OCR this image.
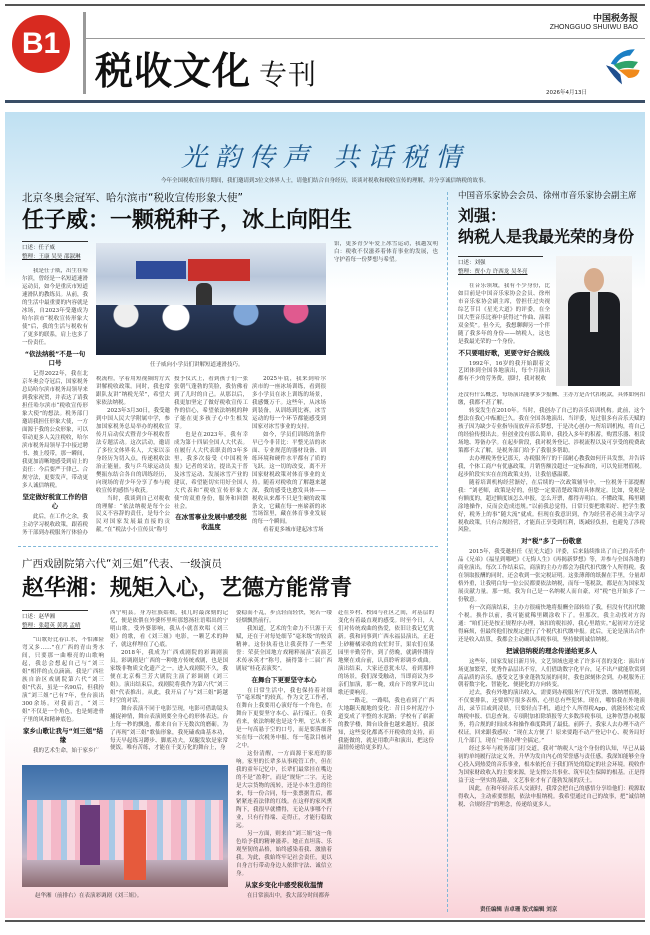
B1
税收文化 专刊
中国税务报
ZHONGGUO SHUIWU BAO
2026年4月13日
光韵传声 共话税情
今年全国税收宣传月期间，我们邀请到3位文体界人士，请他们结合自身经历，谈谈对税收和税收宣传的理解，并分享诚信纳税的故事。
北京冬奥会冠军、哈尔滨市“税收宣传形象大使”
任子威：一颗税种子，冰上向阳生
口述：任子威
整理：王康 吴昊 邵淑琳
任子威向小学员们讲解短道速滑技巧。

我是任子威，出生在哈尔滨，曾经是一名短道速滑运动员，如今是重庆市短道速滑队的教练员。从前，我的生活中最重要的内容就是冰场，自2023年受邀成为哈尔滨市“税收宣传形象大使”后，我的生活与税收有了更多的联系，肩上也多了一份责任。

“依法纳税”不是一句口号

记得2022年，我在北京冬奥会夺冠后，国家税务总局哈尔滨市税务局领导来到我家祝贺，并表达了请我担任哈尔滨市“税收宣传形象大使”的想法。税务部门邀请我担任形象大使，一方面源于我的公众形象，可以带动更多人关注税收，哈尔滨市税务局领导手中接过聘书、披上绶带，那一瞬间，我更加清晰地感受到肩上的责任：今后要严于律己、合规守法，更要发声，带动更多人诚信纳税。

坚定做好税宣工作的信心

此后，在工作之余，我主动学习税收政策，跟着税务干部到办税服务厅体验办

税流程，学着用短视频的方式讲解税收政策。同时，我也常跟队友讲“纳税光荣”，希望大家依法纳税。

2023年3月30日，我受邀到中国人民大学附属中学，参加国家税务总局举办的税收宣传月启动仪式暨青少年税收普法专题活动。这次活动，邀请了多位文体界名人，大家以亲身经历为切入点，传递税收法治正能量。我与乒乓球运动员樊振东结合各自的训练经历，向现场的青少年分享了参与税收宣传的感悟与收获。

当时，我谈到自己对税收的理解：“依法纳税是每个公民义不容辞的责任，是每个公民对国家发展最直接的贡献。”在“税法小小宣传员”称号

授予仪式上，看到孩子们一张张朝气蓬勃的笑脸，我仿佛看到了儿时的自己。从那以后，我更加坚定了做好税收宣传工作的信心，希望依法纳税的种子能在更多孩子心中生根发芽。

也是在2023年，我有幸成为第十四届全国人大代表。在履行人大代表职责的3年多里，我多次接受《中国税务报》记者的采访，提出关于普及冰雪运动、发展冰雪产业的建议，希望能切实用好全国人大代表和“税收宣传形象大使”的双重身份，服务和回馈社会。

在冰雪事业发展中感受税收温度

2025年底，我来到哈尔滨市的一座冰场训练，看到很多小学员在冰上训练的场景，我感慨万千。这些年，从冰场到装备，从训练到比赛，冰雪运动的每一个环节都能感受到国家对冰雪事业的支持。

如今，学员们训练的条件早已今非昔比：平整光洁的冰面、专业规范的器材设备、训练环境和硬件水平都有了质的飞跃。这一切的改变，离不开国家财税政策对体育事业的支持。随着对税收的了解越来越深，我的感受也愈发具体——税收从来都不只是生硬的政策条文，它藏在每一座崭新的冰雪场馆里，藏在体育事业发展的每一个瞬间。

看着更多城市建起冰雪场

馆，更多青少年爱上冰雪运动，我越发明白：税收不仅滋养着体育事业的发展，也守护着每一份梦想与希望。

中国音乐家协会会员、徐州市音乐家协会副主席
刘强：
纳税人是我最光荣的身份
口述：刘强
整理：贾小力 许西龙 吴冬亮

在音乐领域，我有不少身份，比如目前是中国音乐家协会会员、徐州市音乐家协会副主席，曾担任过央视综艺节目《星光大道》的评委，在全国大型音乐比赛中获得过“作曲、演唱双金奖”。但今天，我想聊聊另一个伴随了我多年的身份——纳税人，这也是我最光荣的一个身份。

不只要唱好歌，更要守好合规线

1992年，16岁的我开始跟着文艺团体到全国各地演出，每个月演出都有不少的劳务费。那时，我对税收

还没有什么概念，每场演出能拿多少报酬、主办方是否代扣税款，具体如何扣缴，我都不甚了解。

转变发生在2010年。当时，我创办了自己的音乐培训机构。此前，这个想法在我心中酝酿已久。我在全国各地演出、当评委，见过很多有音乐天赋的孩子因为缺少专业指导而放弃音乐梦想，于是决心创办一所培训机构，将自己的经验传授出去。但创业没有那么简单，我投入多年的积蓄，购置乐器、租赁场地、筹备办学。在起步阶段，我对税务登记、涉税流程以及可享受的税费政策都不太了解，是税务部门给予了我很多帮助。

去办理税务登记那天，办税服务厅的干部耐心教我如何开具发票，并告诉我，个体工商户有优惠政策，月销售额没超过一定标准的，可以免征增值税。起步阶段实实在在的政策支持，让我倍感温暖。

随着培训机构经营渐好，在后续的一次政策辅导中，一位税务干部提醒我：“刘老师，政策是好的，但您一定要清楚政策的具体规定。比如，免税是有额度的，超过额度该怎么申报，怎么开票，都得弄明白。不懂政策，稀里糊涂地操作，反而会造成违规。”以前我总觉得，日常只要把歌唱好、把学生教好，税务上的事“随大流”就成。但现在我意识到，作为经营者必须主动学习税收政策，只有合规经营，才能真正享受到红利，既减轻负担，也避免了涉税风险。

对“税”多了一份敬意

2015年，我受邀担任《星光大道》评委，后来陆续推出了自己的音乐作品《兄弟》《福星到哪吧》《无悔人生》《再揭新梦想》等，并参与全国各地的商业演出。每次工作结束后，商演的主办方都会为我代扣代缴个人所得税。我在领取报酬的同时，还会收到一张完税证明。这张薄薄的纸握在手里，分量却格外重，让我明白每一位公民都要依法纳税，而每一笔税款，都是在为国家发展贡献力量。那一刻，我为自己是一名纳税人而自豪，对“税”也开始多了一份敬意。

有一次商演结束，主办方很痛快地将报酬全部转给了我，但没有代扣代缴个税。换作以前，我可能就稀里糊涂收下了。但那次，我主动找对方沟通：“咱们还是按正规程序办理，该扣的税扣掉，我心里踏实。”起初对方还觉得麻烦，但最终他们按规定进行了个税代扣代缴申报。此后，无论是演出合作还是收入结算，我都会主动确认涉税事项，坚持做到诚信纳税。

把诚信纳税的理念传递给更多人

这些年，国家发展日新月异，文艺领域也迎来了许多可喜的变化：演出市场更加繁荣，优秀作品层出不穷，人们借助数字化平台，足不出户就能欣赏到高品质的音乐。感受文艺事业蓬勃发展的同时，我也深刻体会到，办税服务正朝着数字化、智能化、便捷化的方向转变。

过去，我有外地的演出收入，需要到办税服务厅代开发票、缴纳增值税，不仅要排队，还要填写很多表格，心里总有些犯怵。现在，哪怕我在外地演出，录节目或到凌晨，只要轻点手机，通过个人所得税App，就能轻松完成纳税申报、信息查询。专项附加扣除填报等大多数涉税事项，这种智慧办税服务，将合规的时间成本和操作难度降到了最低。前阵子，我家人去办理不动产权证，回来跟我感叹：“现在太方便了！原来要跑不动产登记中心、税务局好几个部门，现在‘一窗办理’全搞定。”

经过多年与税务部门打交道，我对“纳税人”这个身份的认知，早已从最初的单纯履行法定义务，升华为发自内心的荣誉感与责任感。我深知能够全身心投入到热爱的音乐事业，根本依托在于我们所处的稳定的社会环境。税收作为国家财政收入的主要来源，是支撑公共事业、筑牢民生保障的根基。正是得益于这一坚实的基础，文艺事业才有了蓬勃发展的沃土。

因此，在和年轻音乐人交流时，我常会把自己的感悟分享给他们：税源取得收入，主动索要票据，依法申报纳税。我希望通过自己的故事，把“诚信纳税、合规经营”的理念，传递给更多人。

责任编辑 吉卓珊 版式编辑 刘京
广西戏剧院第六代“刘三姐”代表、一级演员
赵华湘：规矩入心，艺德方能常青
口述：赵华湘
整理：张超英 黄鸿 孟晴

“山歌好比春江水，不怕滩险弯又多……”在广西的青山秀水间，只要那一曲嘹亮的山歌响起，我总会想起自己与“刘三姐”相伴的点点滴滴。我是广西壮族自治区戏剧院第六代“刘三姐”代表，虽是一名90后，但我扮演“刘三姐”已有7年，登台演出300余场。对我而言，“刘三姐”不仅是一个角色，也是刻进骨子里的风和精神底色。

家乡山歌让我与“刘三姐”结缘

我的艺术生命，始于家乡广

西宁明县。身为壮族姑娘，我儿时最深刻的记忆，便是依偎在外婆怀里听那悠扬壮语唱出的宁明山歌。受外婆影响，我从小就喜欢唱《刘三姐》的歌，看《刘三姐》电影，一颗艺术的种子，就这样埋在了心底。

2018年，我成为广西戏剧院的彩调剧演员。彩调剧是广西的一种地方传统戏剧，也是国家级非物质文化遗产之一。进入戏剧院不久，我便在北京梅兰芳大剧院主演了彩调剧《刘三姐》。演出结束后，戏剧院将我作为第六代“刘三姐”代表推出。从此，我开启了与“刘三姐”跨越时空的对话。

舞台表演不同于电影呈现，电影可借助镜头捕捉神情，舞台表演则要全身心的形体表达。台上每一秒的飘逸，都来自台下无数次的磨砺。为了再现“刘三姐”歌仙形象，我死磕戏曲基本功，每天早起练习蹲步、脚底功夫，双腿发软是家常便饭。唯有苦练，才能在千变万化的舞台上，身

姿稳而不乱，步点轻而轻快，宛若一缕轻烟飘然前行。

我知道，艺术的生命力不只源于天赋，还在于对每处细节“毫米级”的较真精神。这份执着也让我获得了一些荣誉：荣获全国地方戏精粹展演“表演艺术传承英才”称号，摘得第十二届广西剧展“桂花表演奖”。

在舞台下更要坚守本心

在日常生活中，我也保持着对细节“毫米级”的较真。作为文艺工作者，在舞台上我要用心演好每一个角色，在舞台下更要坚守本心、品行端正。在我看来，依法纳税也是这个理，它从来不是一句高悬于空的口号，而是要落细落实在每一次税务申报、每一笔款目核对之中。

这份清醒，一方面源于家庭的影响。家里的长辈多从事税管工作，但在我的童年记忆中，长辈们最常挂在嘴边的不是“盈利”，而是“规矩”二字。无论是大宗货物的流转，还是小本生意的往来，每一份合同，每一张票据背后，都紧紧连着法律的红线。在这样的家风熏陶下，我很早就懂得，无论从事哪个行业，只有行得端、走得正，才能行稳致远。

另一方面，则来自“刘三姐”这一角色给予我的精神滋养。她正直坦荡、乐观坚韧的品格，始终感染着我、激励着我。为此，我始终牢记社会责任，更以自身言行带动身边人依律守法、诚信立身。

从家乡变化中感受税收温情

在日常演出中，我大部分时间都奔

赴在乡村、校园与社区之间，对基层的变化有着最直观的感受。时至今日，人们对传统戏曲的热爱，依旧让我记忆犹新。我和同事到广西永福县演出，正赶上砂糖橘采收的农忙时节，果农们在果园里辛勤劳作，到了傍晚，就满怀期待地聚在戏台前，认真聆听彩调乡戏曲。演出结束，大家还意犹未尽，看到那样的场景，我们深受触动，当即商议为乡亲们加演，那一晚，戏台下的掌声比山歌还要响亮。

一路走，一路唱，我也看到了广西大地翻天覆地的变化：昔日乡村泥泞小道变成了平整的水泥路；学校有了崭新的教学楼，舞台设备也越来越好。我深知，这些变化都离不开税收的支持，而我能做的，就是用歌声和演出，把这份温情传递给更多的人。

赵华湘（前排右）在表演彩调剧《刘三姐》。
